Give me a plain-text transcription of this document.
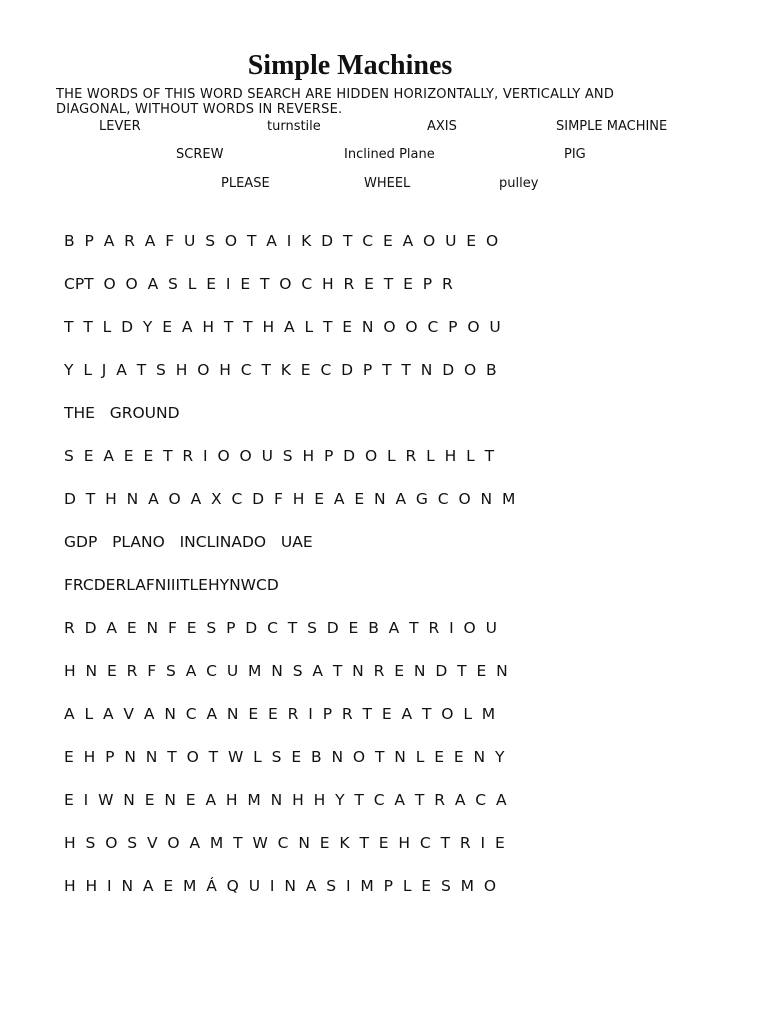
Simple Machines
THE WORDS OF THIS WORD SEARCH ARE HIDDEN HORIZONTALLY, VERTICALLY AND DIAGONAL, WITHOUT WORDS IN REVERSE.
LEVER	turnstile	AXIS	SIMPLE MACHINE
SCREW	Inclined Plane	PIG
PLEASE	WHEEL	pulley
B  P  A  R  A  F  U  S  O  T  A  I  K  D  T  C  E  A  O  U  E  O
CPT  O  O  A  S  L  E  I  E  T  O  C  H  R  E  T  E  P  R
T  T  L  D  Y  E  A  H  T  T  H  A  L  T  E  N  O  O  C  P  O  U
Y  L  J  A  T  S  H  O  H  C  T  K  E  C  D  P  T  T  N  D  O  B
THE   GROUND
S  E  A  E  E  T  R  I  O  O  U  S  H  P  D  O  L  R  L  H  L  T
D  T  H  N  A  O  A  X  C  D  F  H  E  A  E  N  A  G  C  O  N  M
GDP   PLANO   INCLINADO   UAE
FRCDERLAFNIIITLEHYNWCD
R  D  A  E  N  F  E  S  P  D  C  T  S  D  E  B  A  T  R  I  O  U
H  N  E  R  F  S  A  C  U  M  N  S  A  T  N  R  E  N  D  T  E  N
A  L  A  V  A  N  C  A  N  E  E  R  I  P  R  T  E  A  T  O  L  M
E  H  P  N  N  T  O  T  W  L  S  E  B  N  O  T  N  L  E  E  N  Y
E  I  W  N  E  N  E  A  H  M  N  H  H  Y  T  C  A  T  R  A  C  A
H  S  O  S  V  O  A  M  T  W  C  N  E  K  T  E  H  C  T  R  I  E
H  H  I  N  A  E  M  Á  Q  U  I  N  A  S  I  M  P  L  E  S  M  O
